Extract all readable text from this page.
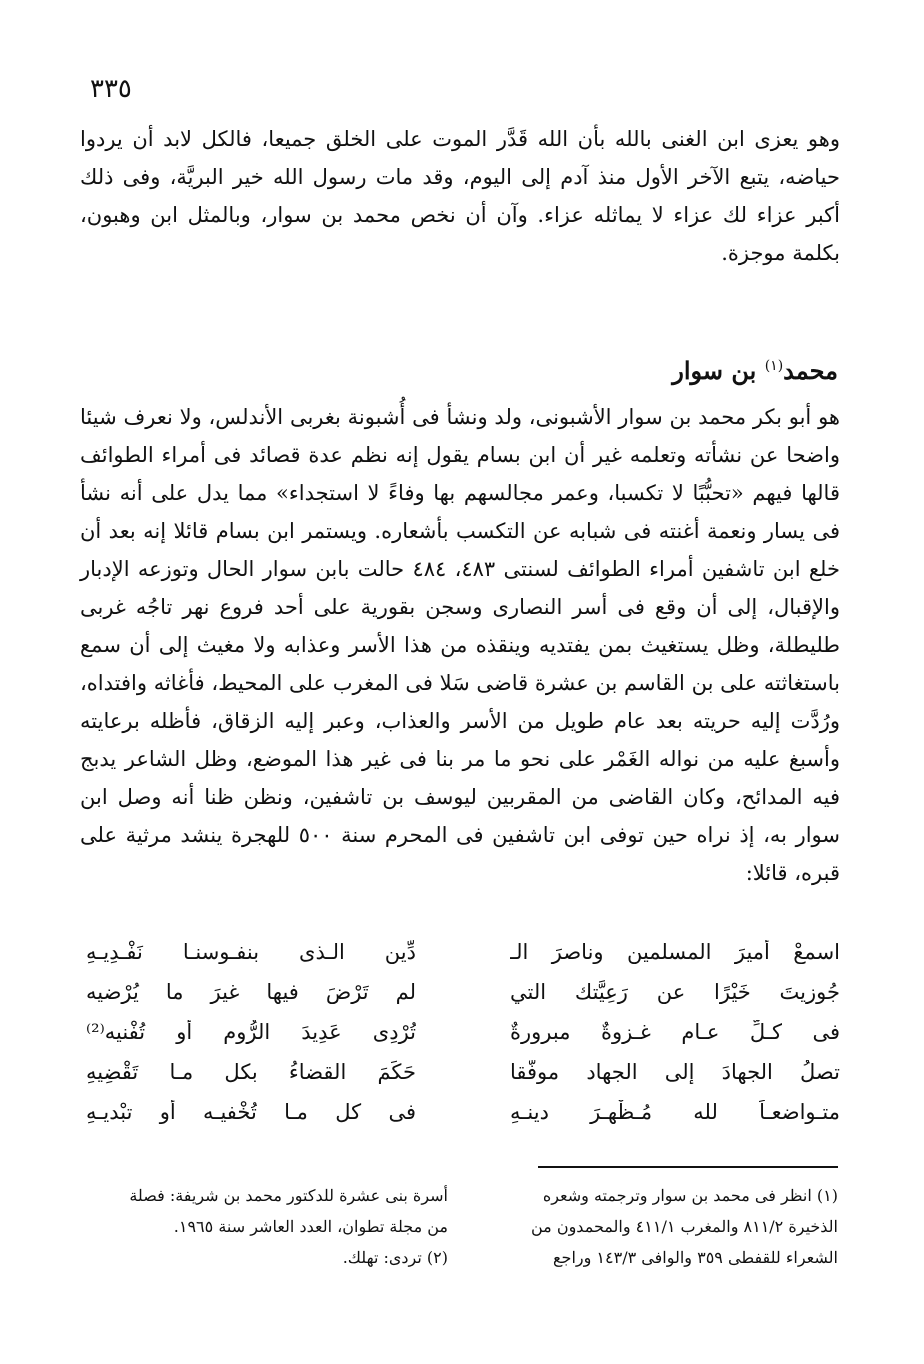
٣٣٥
وهو يعزى ابن الغنى بالله بأن الله قَدَّر الموت على الخلق جميعا، فالكل لابد أن يردوا حياضه، يتبع الآخر الأول منذ آدم إلى اليوم، وقد مات رسول الله خير البريَّة، وفى ذلك أكبر عزاء لك عزاء لا يماثله عزاء. وآن أن نخص محمد بن سوار، وبالمثل ابن وهبون، بكلمة موجزة.
محمد$^{(١)}$ بن سوار
هو أبو بكر محمد بن سوار الأشبونى، ولد ونشأ فى أُشبونة بغربى الأندلس، ولا نعرف شيئا واضحا عن نشأته وتعلمه غير أن ابن بسام يقول إنه نظم عدة قصائد فى أمراء الطوائف قالها فيهم «تحبُّبًا لا تكسبا، وعمر مجالسهم بها وفاءً لا استجداء» مما يدل على أنه نشأ فى يسار ونعمة أغنته فى شبابه عن التكسب بأشعاره. ويستمر ابن بسام قائلا إنه بعد أن خلع ابن تاشفين أمراء الطوائف لسنتى ٤٨٣، ٤٨٤ حالت بابن سوار الحال وتوزعه الإدبار والإقبال، إلى أن وقع فى أسر النصارى وسجن بقورية على أحد فروع نهر تاجُه غربى طليطلة، وظل يستغيث بمن يفتديه وينقذه من هذا الأسر وعذابه ولا مغيث إلى أن سمع باستغاثته على بن القاسم بن عشرة قاضى سَلا فى المغرب على المحيط، فأغاثه وافتداه، ورُدَّت إليه حريته بعد عام طويل من الأسر والعذاب، وعبر إليه الزقاق، فأظله برعايته وأسبغ عليه من نواله الغَمْر على نحو ما مر بنا فى غير هذا الموضع، وظل الشاعر يدبج فيه المدائح، وكان القاضى من المقربين ليوسف بن تاشفين، ونظن ظنا أنه وصل ابن سوار به، إذ نراه حين توفى ابن تاشفين فى المحرم سنة ٥٠٠ للهجرة ينشد مرثية على قبره، قائلا:
اسمعْ أميرَ المسلمين وناصرَ الـ
دِّين الـذى بنفـوسنـا نَفْـدِيـهِ
جُوزيتَ خَيْرًا عن رَعِيَّتك التي
لم تَرْضَ فيها غيرَ ما يُرْضيه
فى كـلِّ عـامٍ غـزوةٌ مبرورةٌ
تُرْدِى عَدِيدَ الرُّومِ أو تُفْنيه⁽²⁾
تصلُ الجهادَ إلى الجهاد موفَّقا
حَكَمَ القضاءُ بكل مـا تَقْضِيهِ
متـواضعـاً لله مُـظْهِـرَ دينـهِ
فى كل مـا تُخْفيـه أو تبْديـهِ
(١) انظر فى محمد بن سوار وترجمته وشعره
الذخيرة ٨١١/٢ والمغرب ٤١١/١ والمحمدون من
الشعراء للقفطى ٣٥٩ والوافى ١٤٣/٣ وراجع
أسرة بنى عشرة للدكتور محمد بن شريفة: فصلة
من مجلة تطوان، العدد العاشر سنة ١٩٦٥.
(٢) تردى: تهلك.
